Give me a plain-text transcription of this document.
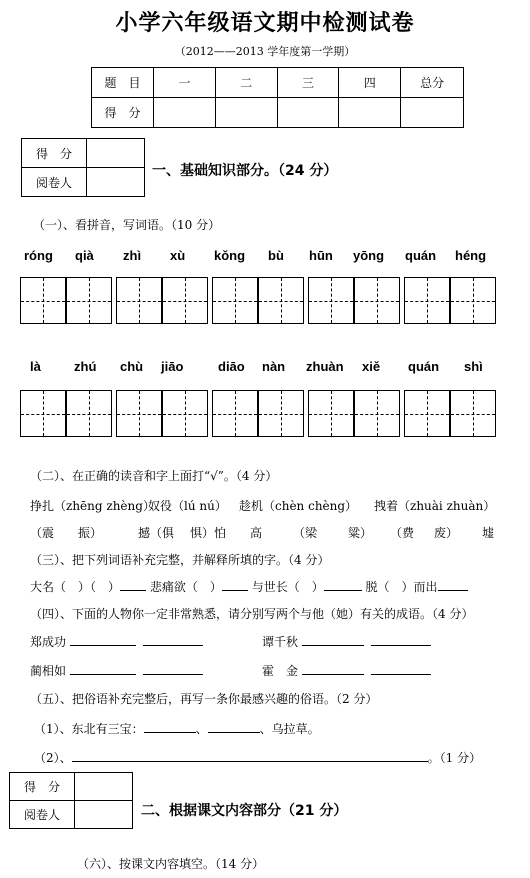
小学六年级语文期中检测试卷
（2012——2013 学年度第一学期）
题　目	一	二	三	四	总分
得　分					
得　分	
阅卷人	
一、基础知识部分。（24 分）
（一）、看拼音，写词语。（10 分）
róng qià zhì xù kǒng bù hūn yōng quán héng
là	zhú chù jiāo	diāo nàn zhuàn xiě quán shì
（二）、在正确的读音和字上面打“√”。（4 分）
挣扎（zhēng zhèng）
奴役（lú nú） 趁机（chèn chèng） 拽着（zhuài zhuàn）
（震 振）	撼（俱 惧）怕 高	（梁	粱） （费 废） 墟
（三）、把下列词语补充完整，并解释所填的字。（4 分）
大名（　）（　） 悲痛欲（　） 与世长（　）	脱（　）而出
（四）、下面的人物你一定非常熟悉，请分别写两个与他（她）有关的成语。（4 分）
郑成功	谭千秋
蔺相如	霍　金
（五）、把俗语补充完整后，再写一条你最感兴趣的俗语。（2 分）
（1）、东北有三宝：	、	、乌拉草。
（2）、	。（1 分）
得　分	
阅卷人		二、根据课文内容部分（21 分）
（六）、按课文内容填空。（14 分）
